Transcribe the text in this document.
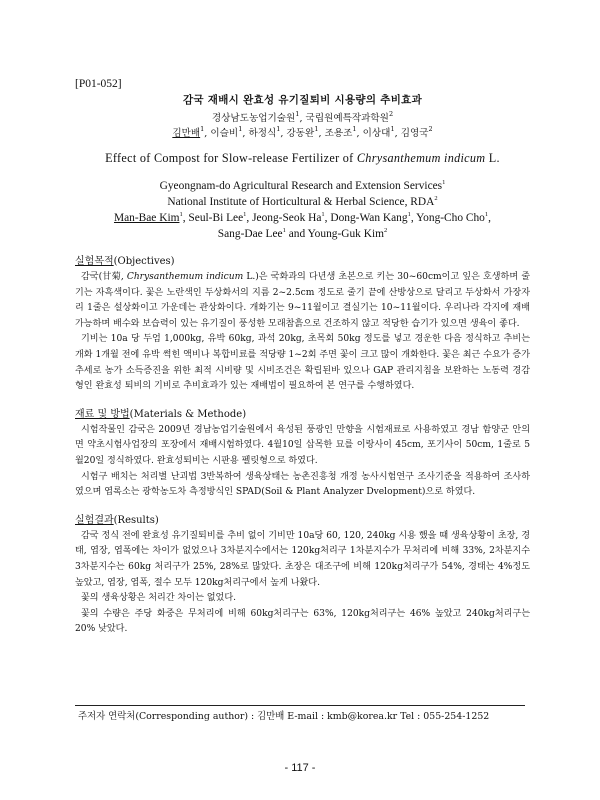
[P01-052]
감국 재배시 완효성 유기질퇴비 시용량의 추비효과
경상남도농업기술원$^1$, 국립원예특작과학원$^2$
김만배$^1$, 이슬비$^1$, 하정식$^1$, 강동완$^1$, 조용조$^1$, 이상대$^1$, 김영국$^2$
Effect of Compost for Slow-release Fertilizer of Chrysanthemum indicum L.
Gyeongnam-do Agricultural Research and Extension Services$^1$
National Institute of Horticultural & Herbal Science, RDA$^2$
Man-Bae Kim$^1$, Seul-Bi Lee$^1$, Jeong-Seok Ha$^1$, Dong-Wan Kang$^1$, Yong-Cho Cho$^1$,
Sang-Dae Lee$^1$ and Young-Guk Kim$^2$

실험목적(Objectives)

감국(甘菊, Chrysanthemum indicum L.)은 국화과의 다년생 초본으로 키는 30~60cm이고 잎은 호생하며 줄기는 자흑색이다. 꽃은 노란색인 두상화서의 지름 2~2.5cm 정도로 줄기 끝에 산방상으로 달리고 두상화서 가장자리 1줄은 설상화이고 가운데는 관상화이다. 개화기는 9~11월이고 결실기는 10~11월이다. 우리나라 각지에 재배가능하며 배수와 보습력이 있는 유기질이 풍성한 모래참흙으로 건조하지 않고 적당한 습기가 있으면 생육이 좋다.

기비는 10a 당 두엄 1,000kg, 유박 60kg, 과석 20kg, 초목회 50kg 정도를 넣고 경운한 다음 정식하고 추비는 개화 1개월 전에 유박 썩힌 액비나 복합비료를 적당량 1~2회 주면 꽃이 크고 많이 개화한다. 꽃은 최근 수요가 증가 추세로 농가 소득증진을 위한 최적 시비량 및 시비조건은 확립된바 있으나 GAP 관리지침을 보완하는 노동력 경감형인 완효성 퇴비의 기비로 추비효과가 있는 재배법이 필요하여 본 연구를 수행하였다.

재료 및 방법(Materials & Methode)

시험작물인 감국은 2009년 경남농업기술원에서 육성된 풍광인 만향을 시험재료로 사용하였고 경남 함양군 안의면 약초시험사업장의 포장에서 재배시험하였다. 4월10일 삽목한 묘를 이랑사이 45cm, 포기사이 50cm, 1줄로 5월20일 정식하였다. 완효성퇴비는 시판용 펠릿형으로 하였다.

시험구 배치는 처리별 난괴법 3반복하여 생육상태는 농촌진흥청 개정 농사시험연구 조사기준을 적용하여 조사하였으며 엽록소는 광학농도차 측정방식인 SPAD(Soil & Plant Analyzer Dvelopment)으로 하였다.

실험결과(Results)

감국 정식 전에 완효성 유기질퇴비를 추비 없이 기비만 10a당 60, 120, 240kg 시용 했을 때 생육상황이 초장, 경태, 엽장, 엽폭에는 차이가 없었으나 3차분지수에서는 120kg처리구 1차분지수가 무처리에 비해 33%, 2차분지수 3차분지수는 60kg 처리구가 25%, 28%로 많았다. 초장은 대조구에 비해 120kg처리구가 54%, 경태는 4%정도 높았고, 엽장, 엽폭, 절수 모두 120kg처리구에서 높게 나왔다.

꽃의 생육상황은 처리간 차이는 없었다.

꽃의 수량은 주당 화중은 무처리에 비해 60kg처리구는 63%, 120kg처리구는 46% 높았고 240kg처리구는 20% 낮았다.

주저자 연락처(Corresponding author) : 김만배 E-mail : kmb@korea.kr Tel : 055-254-1252
- 117 -
